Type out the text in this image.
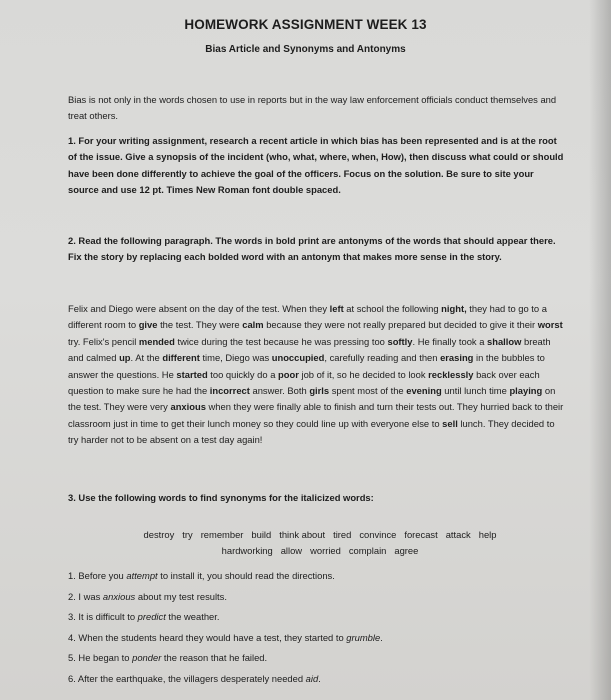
HOMEWORK ASSIGNMENT WEEK 13
Bias Article and Synonyms and Antonyms
Bias is not only in the words chosen to use in reports but in the way law enforcement officials conduct themselves and treat others.
1. For your writing assignment, research a recent article in which bias has been represented and is at the root of the issue. Give a synopsis of the incident (who, what, where, when, How), then discuss what could or should have been done differently to achieve the goal of the officers. Focus on the solution. Be sure to site your source and use 12 pt. Times New Roman font double spaced.
2. Read the following paragraph. The words in bold print are antonyms of the words that should appear there. Fix the story by replacing each bolded word with an antonym that makes more sense in the story.
Felix and Diego were absent on the day of the test. When they left at school the following night, they had to go to a different room to give the test. They were calm because they were not really prepared but decided to give it their worst try. Felix's pencil mended twice during the test because he was pressing too softly. He finally took a shallow breath and calmed up. At the different time, Diego was unoccupied, carefully reading and then erasing in the bubbles to answer the questions. He started too quickly do a poor job of it, so he decided to look recklessly back over each question to make sure he had the incorrect answer. Both girls spent most of the evening until lunch time playing on the test. They were very anxious when they were finally able to finish and turn their tests out. They hurried back to their classroom just in time to get their lunch money so they could line up with everyone else to sell lunch. They decided to try harder not to be absent on a test day again!
3. Use the following words to find synonyms for the italicized words:
destroy try remember build think about tired convince forecast attack help
hardworking allow worried complain agree
1. Before you attempt to install it, you should read the directions.
2. I was anxious about my test results.
3. It is difficult to predict the weather.
4. When the students heard they would have a test, they started to grumble.
5. He began to ponder the reason that he failed.
6. After the earthquake, the villagers desperately needed aid.
